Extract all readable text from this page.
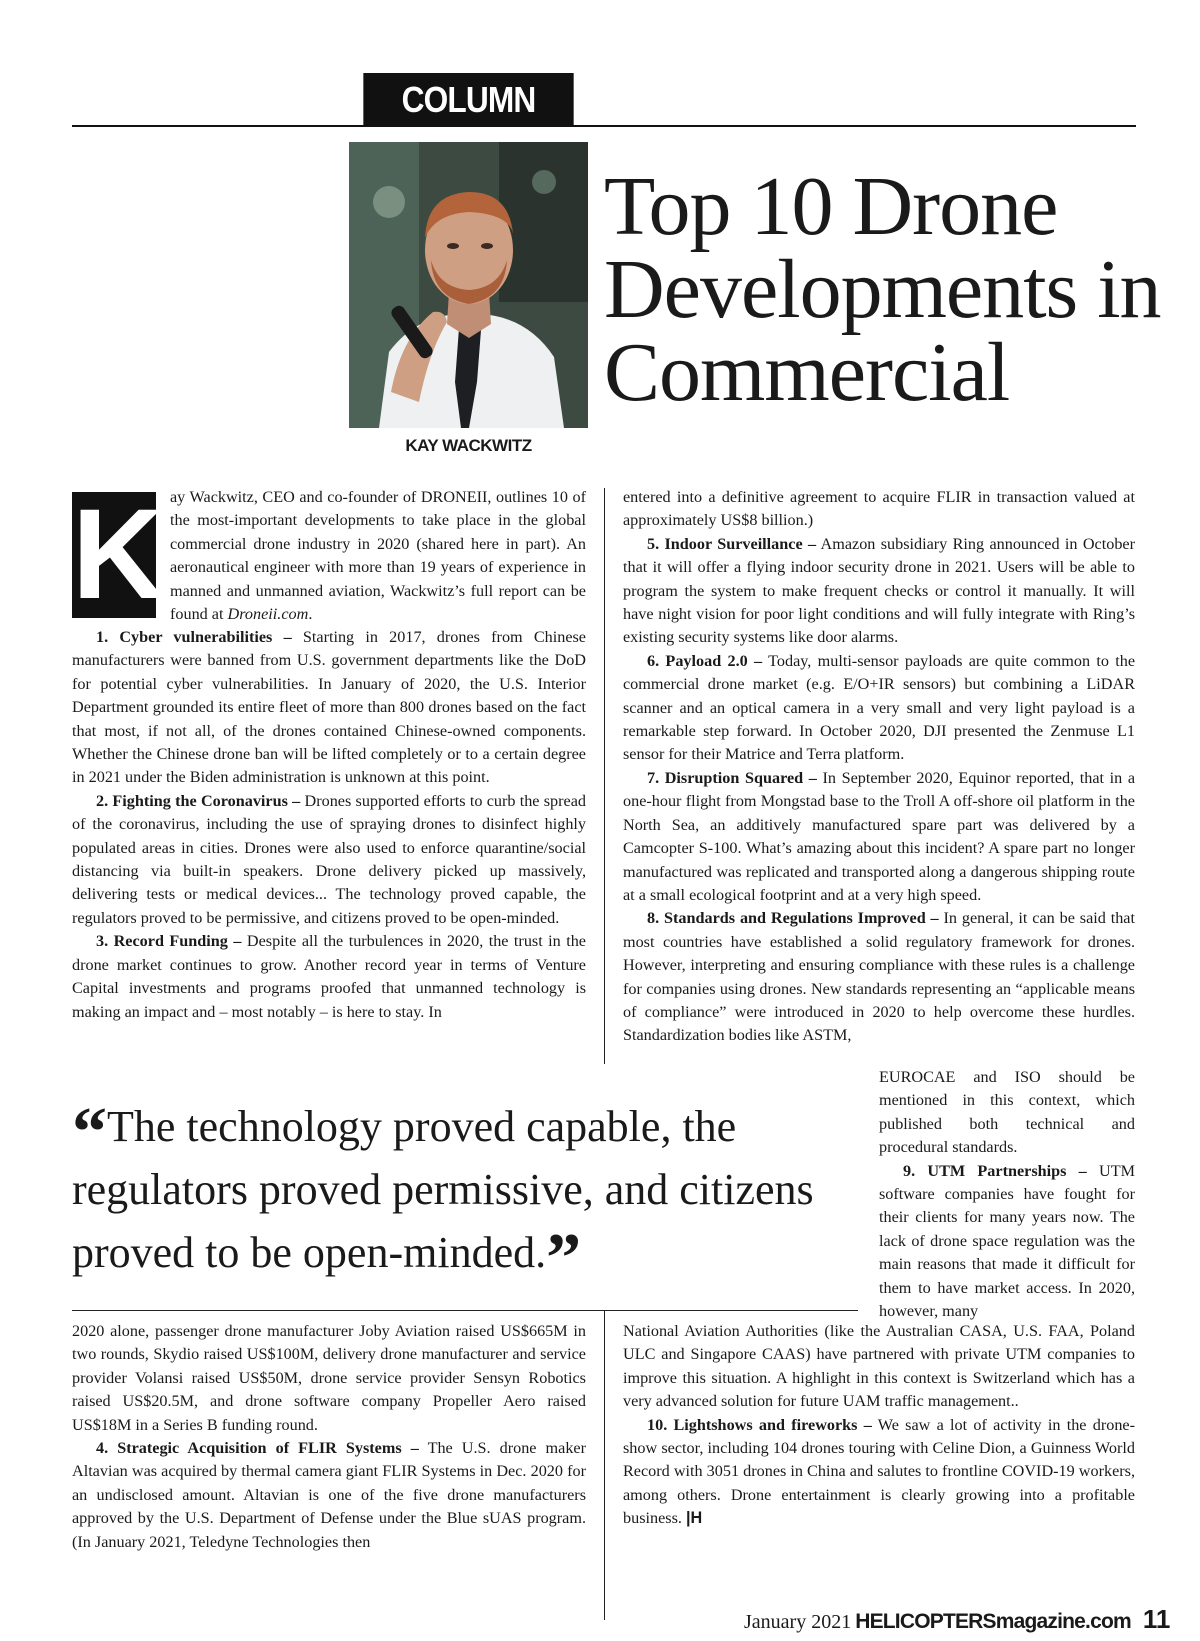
COLUMN
KAY WACKWITZ
Top 10 Drone Developments in Commercial
K ay Wackwitz, CEO and co-founder of DRONEII, outlines 10 of the most-important developments to take place in the global commercial drone industry in 2020 (shared here in part). An aeronautical engineer with more than 19 years of experience in manned and unmanned aviation, Wackwitz’s full report can be found at Droneii.com.

1. Cyber vulnerabilities – Starting in 2017, drones from Chinese manufacturers were banned from U.S. government departments like the DoD for potential cyber vulnerabilities. In January of 2020, the U.S. Interior Department grounded its entire fleet of more than 800 drones based on the fact that most, if not all, of the drones contained Chinese-owned components. Whether the Chinese drone ban will be lifted completely or to a certain degree in 2021 under the Biden administration is unknown at this point.

2. Fighting the Coronavirus – Drones supported efforts to curb the spread of the coronavirus, including the use of spraying drones to disinfect highly populated areas in cities. Drones were also used to enforce quarantine/social distancing via built-in speakers. Drone delivery picked up massively, delivering tests or medical devices... The technology proved capable, the regulators proved to be permissive, and citizens proved to be open-minded.

3. Record Funding – Despite all the turbulences in 2020, the trust in the drone market continues to grow. Another record year in terms of Venture Capital investments and programs proofed that unmanned technology is making an impact and – most notably – is here to stay. In

entered into a definitive agreement to acquire FLIR in transaction valued at approximately US$8 billion.)

5. Indoor Surveillance – Amazon subsidiary Ring announced in October that it will offer a flying indoor security drone in 2021. Users will be able to program the system to make frequent checks or control it manually. It will have night vision for poor light conditions and will fully integrate with Ring’s existing security systems like door alarms.

6. Payload 2.0 – Today, multi-sensor payloads are quite common to the commercial drone market (e.g. E/O+IR sensors) but combining a LiDAR scanner and an optical camera in a very small and very light payload is a remarkable step forward. In October 2020, DJI presented the Zenmuse L1 sensor for their Matrice and Terra platform.

7. Disruption Squared – In September 2020, Equinor reported, that in a one-hour flight from Mongstad base to the Troll A off-shore oil platform in the North Sea, an additively manufactured spare part was delivered by a Camcopter S-100. What’s amazing about this incident? A spare part no longer manufactured was replicated and transported along a dangerous shipping route at a small ecological footprint and at a very high speed.

8. Standards and Regulations Improved – In general, it can be said that most countries have established a solid regulatory framework for drones. However, interpreting and ensuring compliance with these rules is a challenge for companies using drones. New standards representing an “applicable means of compliance” were introduced in 2020 to help overcome these hurdles. Standardization bodies like ASTM,

EUROCAE and ISO should be mentioned in this context, which published both technical and procedural standards.

9. UTM Partnerships – UTM software companies have fought for their clients for many years now. The lack of drone space regulation was the main reasons that made it difficult for them to have market access. In 2020, however, many

“The technology proved capable, the regulators proved permissive, and citizens proved to be open-minded.”

2020 alone, passenger drone manufacturer Joby Aviation raised US$665M in two rounds, Skydio raised US$100M, delivery drone manufacturer and service provider Volansi raised US$50M, drone service provider Sensyn Robotics raised US$20.5M, and drone software company Propeller Aero raised US$18M in a Series B funding round.

4. Strategic Acquisition of FLIR Systems – The U.S. drone maker Altavian was acquired by thermal camera giant FLIR Systems in Dec. 2020 for an undisclosed amount. Altavian is one of the five drone manufacturers approved by the U.S. Department of Defense under the Blue sUAS program. (In January 2021, Teledyne Technologies then

National Aviation Authorities (like the Australian CASA, U.S. FAA, Poland ULC and Singapore CAAS) have partnered with private UTM companies to improve this situation. A highlight in this context is Switzerland which has a very advanced solution for future UAM traffic management..

10. Lightshows and fireworks – We saw a lot of activity in the drone-show sector, including 104 drones touring with Celine Dion, a Guinness World Record with 3051 drones in China and salutes to frontline COVID-19 workers, among others. Drone entertainment is clearly growing into a profitable business. |H

January 2021 HELICOPTERSmagazine.com 11
